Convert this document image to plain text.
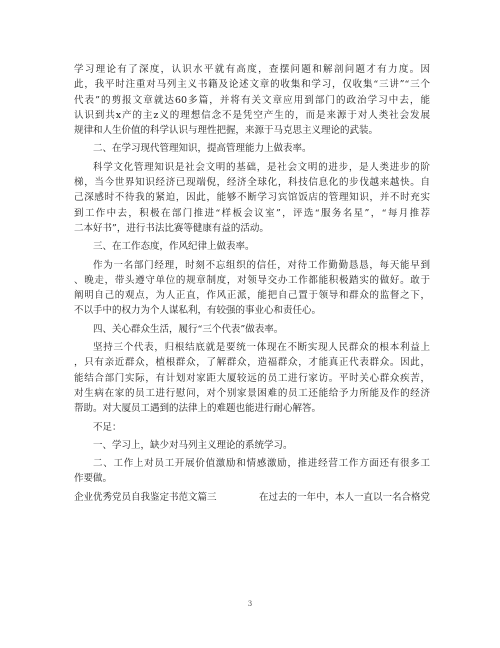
学习理论有了深度，认识水平就有高度，查摆问题和解剖问题才有力度。因
此，我平时注重对马列主义书籍及论述文章的收集和学习，仅收集“三讲”“三个
代表”的剪报文章就达60多篇，并将有关文章应用到部门的政治学习中去，能
认识到共x产的主z义的理想信念不是凭空产生的，而是来源于对人类社会发展
规律和人生价值的科学认识与理性把握，来源于马克思主义理论的武装。
二、在学习现代管理知识，提高管理能力上做表率。
科学文化管理知识是社会文明的基础，是社会文明的进步，是人类进步的阶
梯，当今世界知识经济已现端倪，经济全球化，科技信息化的步伐越来越快。自
己深感时不待我的紧迫，因此，能够不断学习宾馆饭店的管理知识，并不时充实
到工作中去，积极在部门推进“样板会议室”，评选“服务名星”，“每月推荐
二本好书”，进行书法比赛等健康有益的活动。
三、在工作态度，作风纪律上做表率。
作为一名部门经理，时刻不忘组织的信任，对待工作勤勤恳恳，每天能早到
、晚走，带头遵守单位的规章制度，对领导交办工作都能积极踏实的做好。敢于
阐明自己的观点，为人正直，作风正派，能把自己置于领导和群众的监督之下，
不以手中的权力为个人谋私利，有较强的事业心和责任心。
四、关心群众生活，履行“三个代表”做表率。
坚持三个代表，归根结底就是要统一体现在不断实现人民群众的根本利益上
，只有亲近群众，植根群众，了解群众，造福群众，才能真正代表群众。因此，
能结合部门实际，有计划对家距大厦较远的员工进行家访。平时关心群众疾苦，
对生病在家的员工进行慰问，对个别家景困难的员工还能给予力所能及作的经济
帮助。对大厦员工遇到的法律上的难题也能进行耐心解答。
不足：
一、学习上，缺少对马列主义理论的系统学习。
二、工作上对员工开展价值激励和情感激励，推进经营工作方面还有很多工
作要做。
企业优秀党员自我鉴定书范文篇三	在过去的一年中，本人一直以一名合格党
3
